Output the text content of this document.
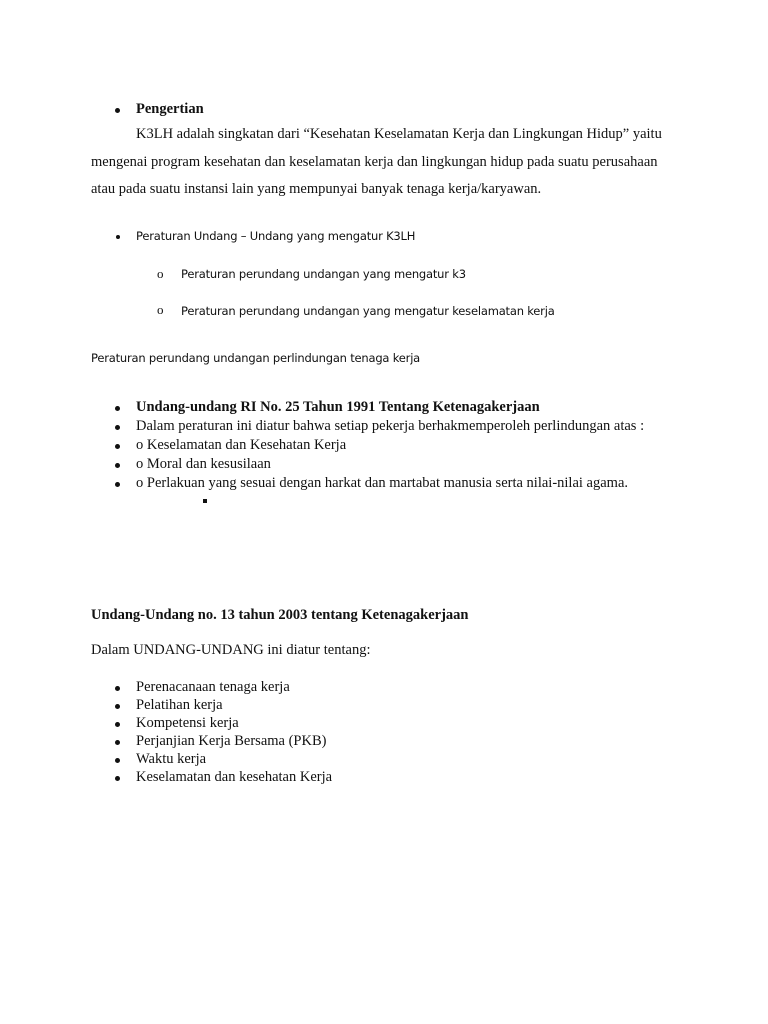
Pengertian
K3LH adalah singkatan dari “Kesehatan Keselamatan Kerja dan Lingkungan Hidup” yaitu
mengenai program kesehatan dan keselamatan kerja dan lingkungan hidup pada suatu perusahaan
atau pada suatu instansi lain yang mempunyai banyak tenaga kerja/karyawan.
Peraturan Undang – Undang yang mengatur K3LH
o Peraturan perundang undangan yang mengatur k3
o Peraturan perundang undangan yang mengatur keselamatan kerja
Peraturan perundang undangan perlindungan tenaga kerja
Undang-undang RI No. 25 Tahun 1991 Tentang Ketenagakerjaan
Dalam peraturan ini diatur bahwa setiap pekerja berhakmemperoleh perlindungan atas :
o Keselamatan dan Kesehatan Kerja
o Moral dan kesusilaan
o Perlakuan yang sesuai dengan harkat dan martabat manusia serta nilai-nilai agama.
Undang-Undang no. 13 tahun 2003 tentang Ketenagakerjaan
Dalam UNDANG-UNDANG ini diatur tentang:
Perenacanaan tenaga kerja
Pelatihan kerja
Kompetensi kerja
Perjanjian Kerja Bersama (PKB)
Waktu kerja
Keselamatan dan kesehatan Kerja
